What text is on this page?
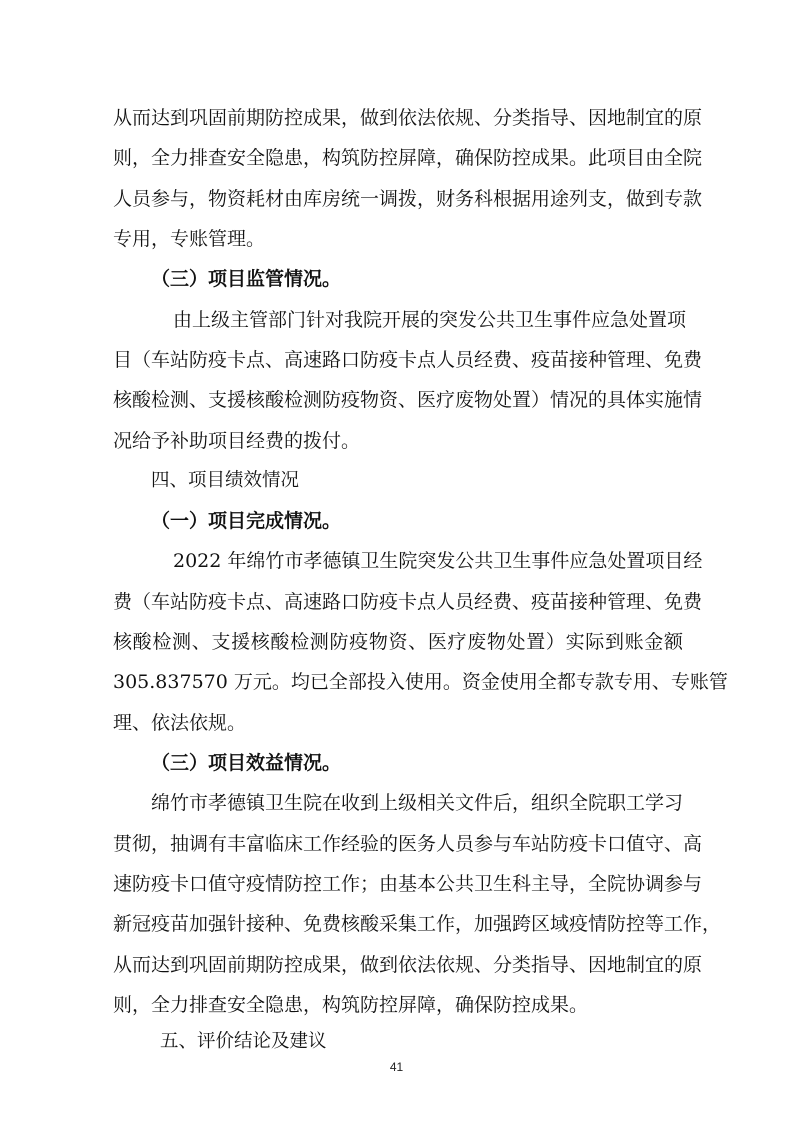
从而达到巩固前期防控成果，做到依法依规、分类指导、因地制宜的原
则，全力排查安全隐患，构筑防控屏障，确保防控成果。此项目由全院
人员参与，物资耗材由库房统一调拨，财务科根据用途列支，做到专款
专用，专账管理。
（三）项目监管情况。
由上级主管部门针对我院开展的突发公共卫生事件应急处置项
目（车站防疫卡点、高速路口防疫卡点人员经费、疫苗接种管理、免费
核酸检测、支援核酸检测防疫物资、医疗废物处置）情况的具体实施情
况给予补助项目经费的拨付。
四、项目绩效情况
（一）项目完成情况。
2022 年绵竹市孝德镇卫生院突发公共卫生事件应急处置项目经
费（车站防疫卡点、高速路口防疫卡点人员经费、疫苗接种管理、免费
核酸检测、支援核酸检测防疫物资、医疗废物处置）实际到账金额
305.837570 万元。均已全部投入使用。资金使用全都专款专用、专账管
理、依法依规。
（三）项目效益情况。
绵竹市孝德镇卫生院在收到上级相关文件后，组织全院职工学习
贯彻，抽调有丰富临床工作经验的医务人员参与车站防疫卡口值守、高
速防疫卡口值守疫情防控工作；由基本公共卫生科主导，全院协调参与
新冠疫苗加强针接种、免费核酸采集工作，加强跨区域疫情防控等工作，
从而达到巩固前期防控成果，做到依法依规、分类指导、因地制宜的原
则，全力排查安全隐患，构筑防控屏障，确保防控成果。
五、评价结论及建议
41
